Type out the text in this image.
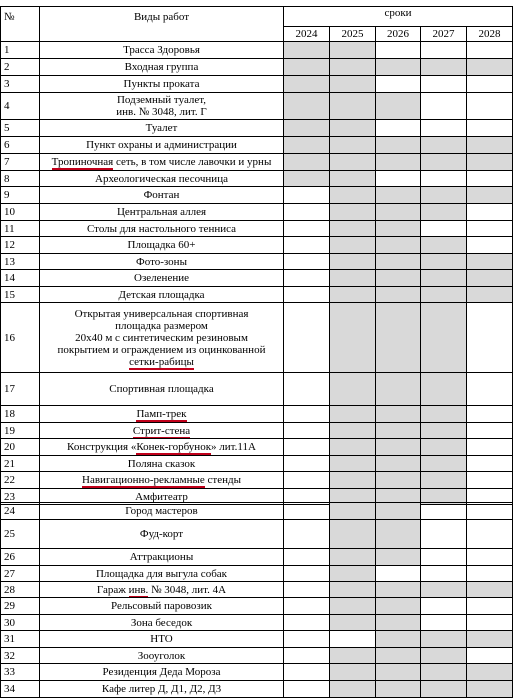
№	Виды работ	сроки				
		2024	2025	2026	2027	2028
1	Трасса Здоровья					
2	Входная группа					
3	Пункты проката					
4	Подземный туалет,
инв. № 3048, лит. Г					
5	Туалет					
6	Пункт охраны и администрации					
7	Тропиночная сеть, в том числе лавочки и урны					
8	Археологическая песочница					
9	Фонтан					
10	Центральная аллея					
11	Столы для настольного тенниса					
12	Площадка 60+					
13	Фото-зоны					
14	Озеленение					
15	Детская площадка					
16	Открытая универсальная спортивная
площадка размером
20х40 м с синтетическим резиновым
покрытием и ограждением из оцинкованной
сетки-рабицы					
17	Спортивная площадка					
18	Памп-трек					
19	Стрит-стена					
20	Конструкция «Конек-горбунок» лит.11А					
21	Поляна сказок					
22	Навигационно-рекламные стенды					
23	Амфитеатр					
24	Город мастеров					
25	Фуд-корт					
26	Аттракционы					
27	Площадка для выгула собак					
28	Гараж инв. № 3048, лит. 4А					
29	Рельсовый паровозик					
30	Зона беседок					
31	НТО					
32	Зооуголок					
33	Резиденция Деда Мороза					
34	Кафе литер Д, Д1, Д2, Д3					
